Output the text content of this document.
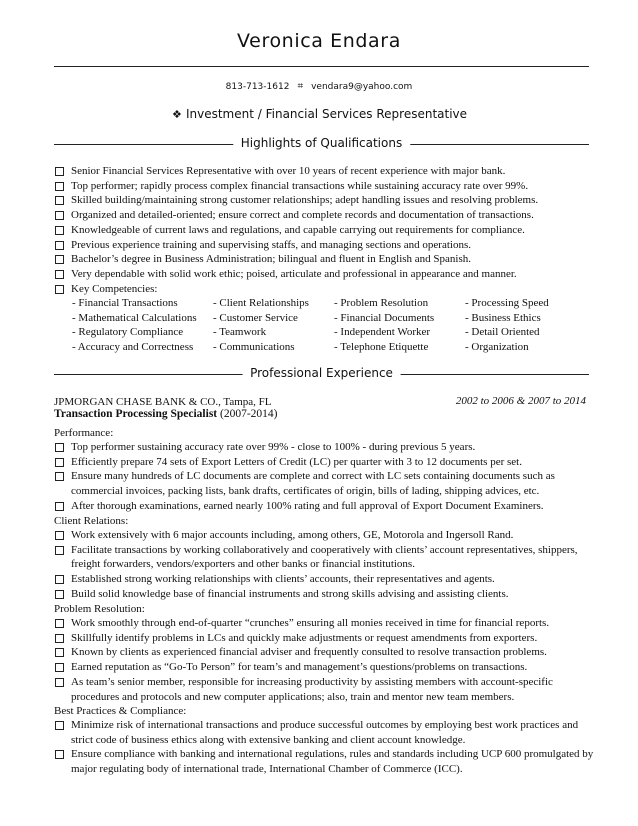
Veronica Endara
813-713-1612 ⌗ vendara9@yahoo.com
❖ Investment / Financial Services Representative
Highlights of Qualifications
Senior Financial Services Representative with over 10 years of recent experience with major bank.
Top performer; rapidly process complex financial transactions while sustaining accuracy rate over 99%.
Skilled building/maintaining strong customer relationships; adept handling issues and resolving problems.
Organized and detailed-oriented; ensure correct and complete records and documentation of transactions.
Knowledgeable of current laws and regulations, and capable carrying out requirements for compliance.
Previous experience training and supervising staffs, and managing sections and operations.
Bachelor’s degree in Business Administration; bilingual and fluent in English and Spanish.
Very dependable with solid work ethic; poised, articulate and professional in appearance and manner.
Key Competencies:
- Financial Transactions
- Mathematical Calculations
- Regulatory Compliance
- Accuracy and Correctness
- Client Relationships
- Customer Service
- Teamwork
- Communications
- Problem Resolution
- Financial Documents
- Independent Worker
- Telephone Etiquette
- Processing Speed
- Business Ethics
- Detail Oriented
- Organization
Professional Experience
JPMORGAN CHASE BANK & CO., Tampa, FL	2002 to 2006 & 2007 to 2014
Transaction Processing Specialist (2007-2014)
Performance:
Top performer sustaining accuracy rate over 99% - close to 100% - during previous 5 years.
Efficiently prepare 74 sets of Export Letters of Credit (LC) per quarter with 3 to 12 documents per set.
Ensure many hundreds of LC documents are complete and correct with LC sets containing documents such as commercial invoices, packing lists, bank drafts, certificates of origin, bills of lading, shipping advices, etc.
After thorough examinations, earned nearly 100% rating and full approval of Export Document Examiners.
Client Relations:
Work extensively with 6 major accounts including, among others, GE, Motorola and Ingersoll Rand.
Facilitate transactions by working collaboratively and cooperatively with clients’ account representatives, shippers, freight forwarders, vendors/exporters and other banks or financial institutions.
Established strong working relationships with clients’ accounts, their representatives and agents.
Build solid knowledge base of financial instruments and strong skills advising and assisting clients.
Problem Resolution:
Work smoothly through end-of-quarter “crunches” ensuring all monies received in time for financial reports.
Skillfully identify problems in LCs and quickly make adjustments or request amendments from exporters.
Known by clients as experienced financial adviser and frequently consulted to resolve transaction problems.
Earned reputation as “Go-To Person” for team’s and management’s questions/problems on transactions.
As team’s senior member, responsible for increasing productivity by assisting members with account-specific procedures and protocols and new computer applications; also, train and mentor new team members.
Best Practices & Compliance:
Minimize risk of international transactions and produce successful outcomes by employing best work practices and strict code of business ethics along with extensive banking and client account knowledge.
Ensure compliance with banking and international regulations, rules and standards including UCP 600 promulgated by major regulating body of international trade, International Chamber of Commerce (ICC).
